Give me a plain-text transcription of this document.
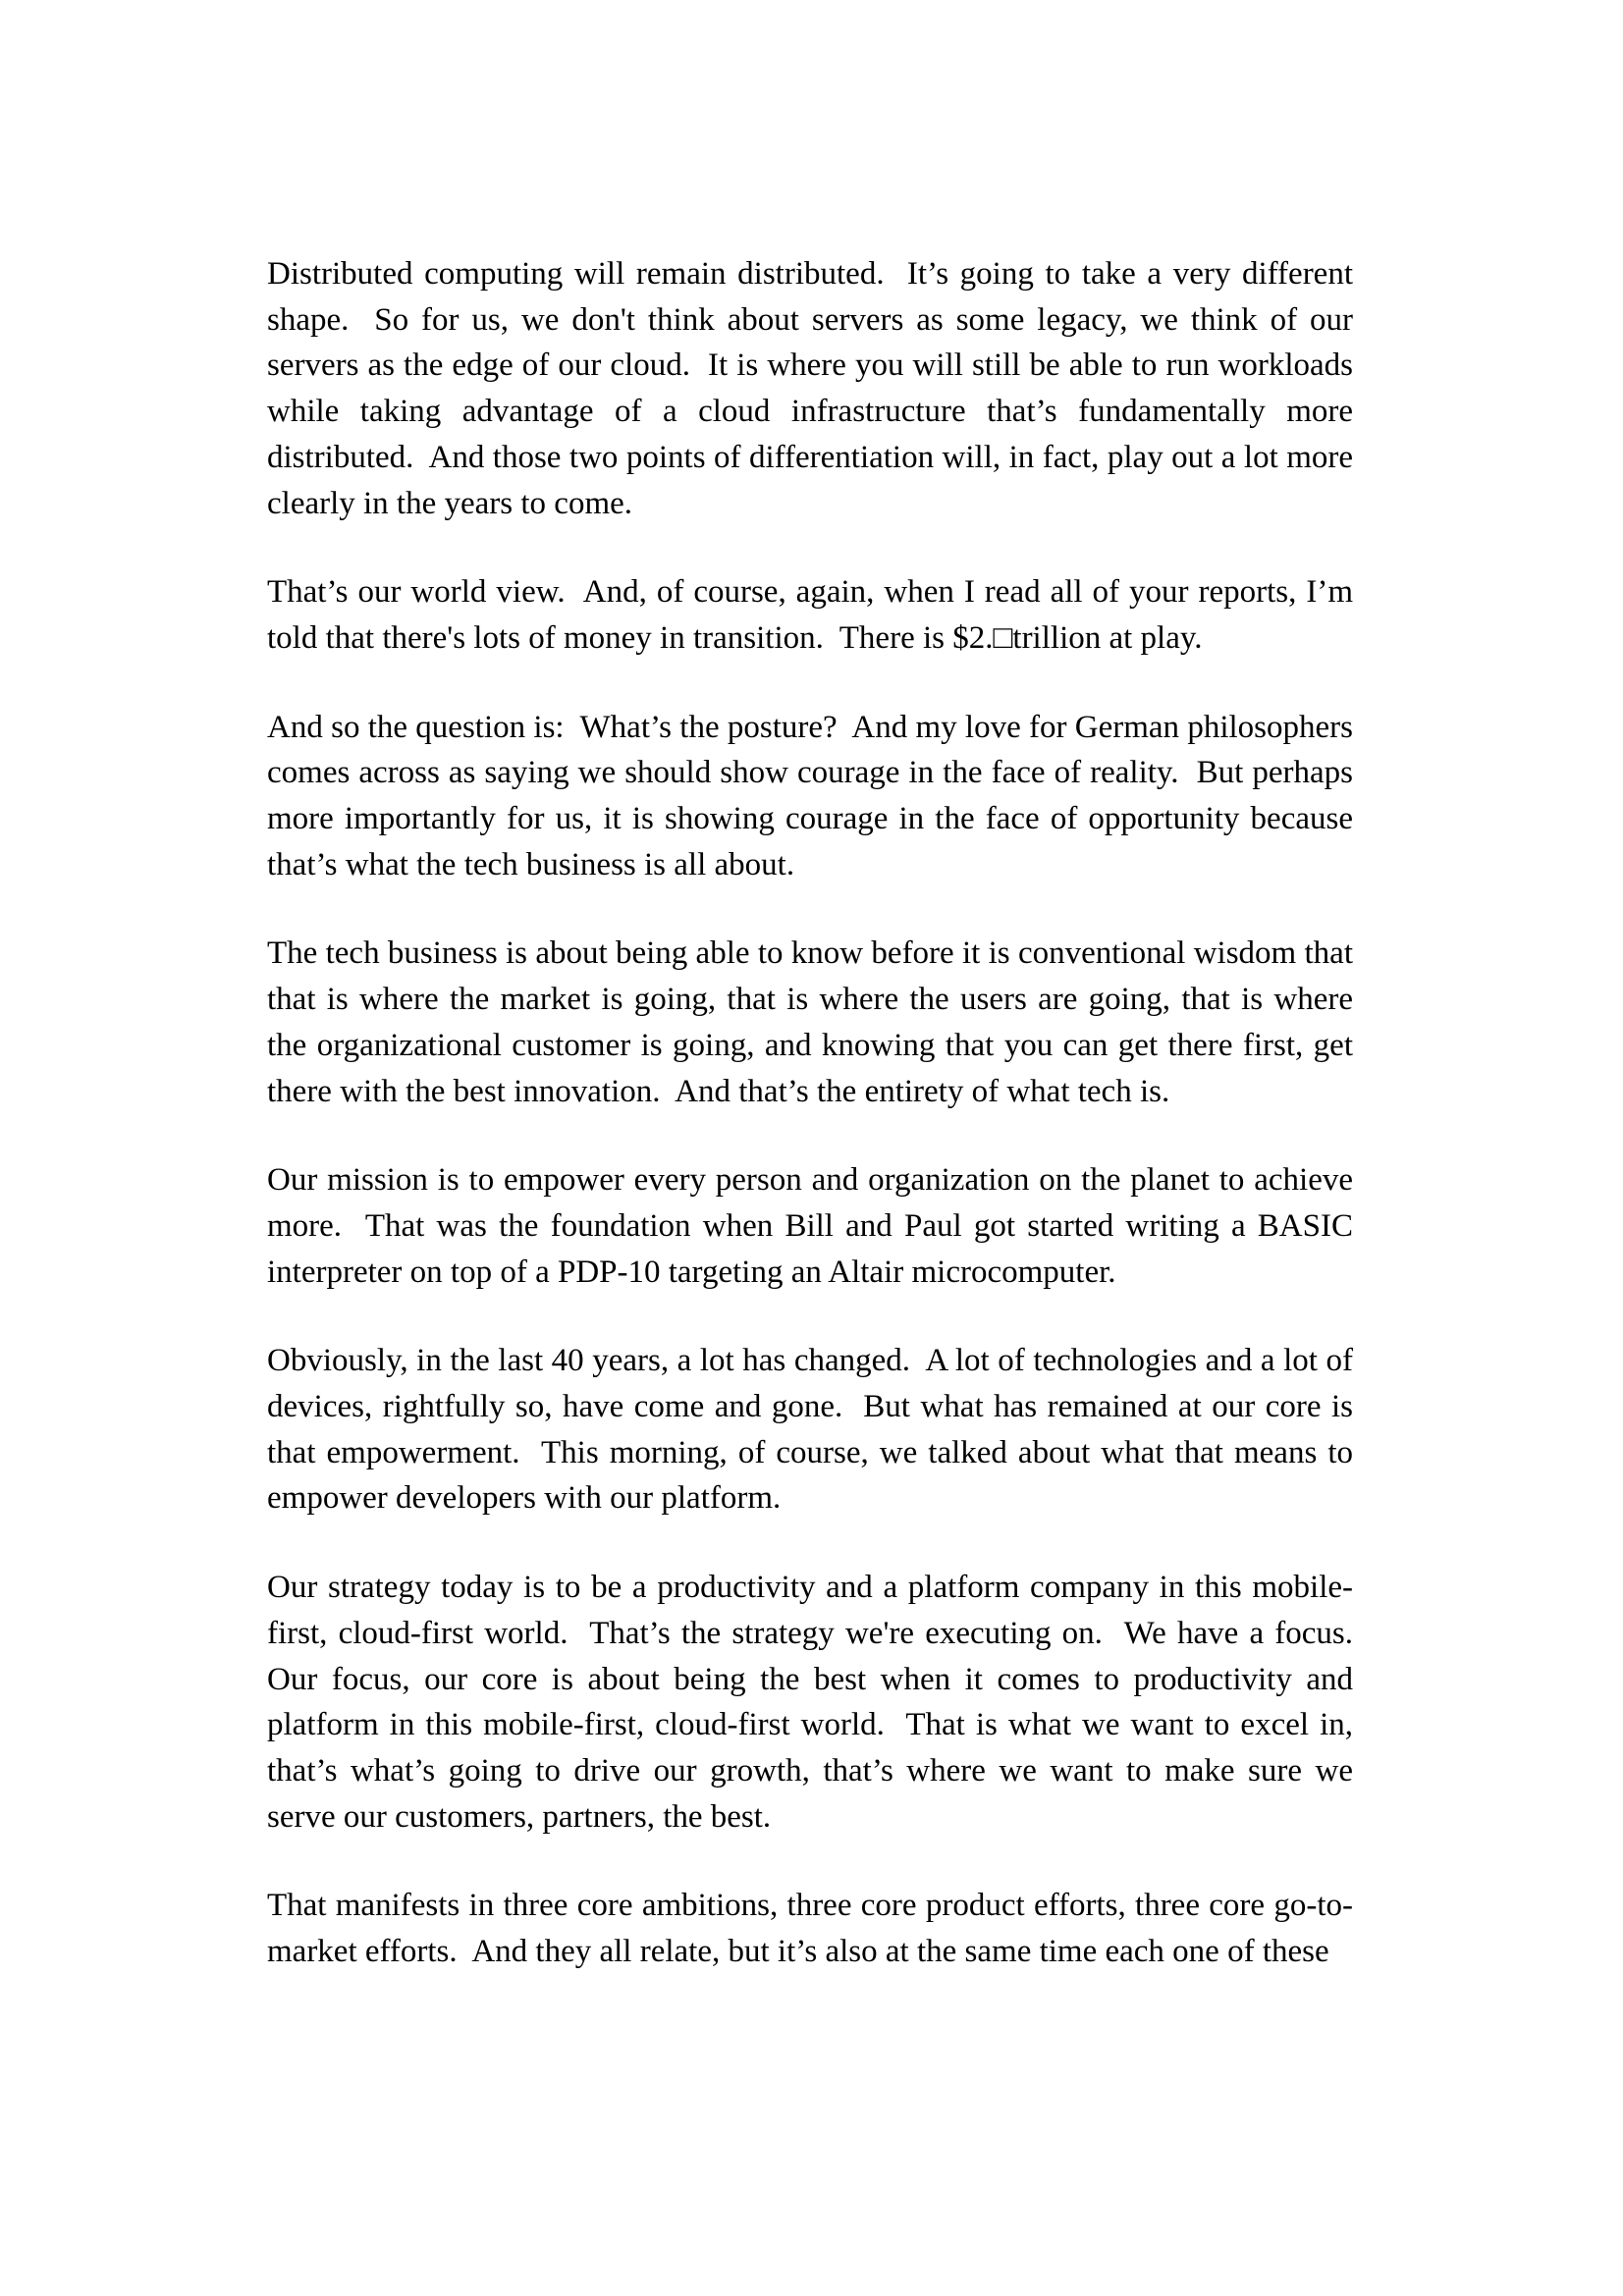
Distributed computing will remain distributed.  It’s going to take a very different shape.  So for us, we don't think about servers as some legacy, we think of our servers as the edge of our cloud.  It is where you will still be able to run workloads while taking advantage of a cloud infrastructure that’s fundamentally more distributed.  And those two points of differentiation will, in fact, play out a lot more clearly in the years to come.

That’s our world view.  And, of course, again, when I read all of your reports, I’m told that there's lots of money in transition.  There is $2.□trillion at play.

And so the question is:  What’s the posture?  And my love for German philosophers comes across as saying we should show courage in the face of reality.  But perhaps more importantly for us, it is showing courage in the face of opportunity because that’s what the tech business is all about.

The tech business is about being able to know before it is conventional wisdom that that is where the market is going, that is where the users are going, that is where the organizational customer is going, and knowing that you can get there first, get there with the best innovation.  And that’s the entirety of what tech is.

Our mission is to empower every person and organization on the planet to achieve more.  That was the foundation when Bill and Paul got started writing a BASIC interpreter on top of a PDP-10 targeting an Altair microcomputer.

Obviously, in the last 40 years, a lot has changed.  A lot of technologies and a lot of devices, rightfully so, have come and gone.  But what has remained at our core is that empowerment.  This morning, of course, we talked about what that means to empower developers with our platform.

Our strategy today is to be a productivity and a platform company in this mobile-first, cloud-first world.  That’s the strategy we're executing on.  We have a focus.  Our focus, our core is about being the best when it comes to productivity and platform in this mobile-first, cloud-first world.  That is what we want to excel in, that’s what’s going to drive our growth, that’s where we want to make sure we serve our customers, partners, the best.

That manifests in three core ambitions, three core product efforts, three core go-to-market efforts.  And they all relate, but it’s also at the same time each one of these
